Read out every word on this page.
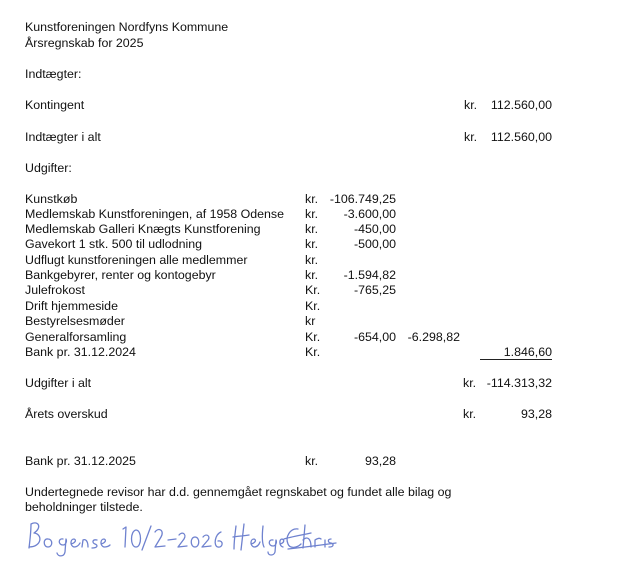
Kunstforeningen Nordfyns Kommune
Årsregnskab for 2025
Indtægter:
Kontingent	kr. 112.560,00
Indtægter i alt	kr. 112.560,00
Udgifter:
Kunstkøb	kr. -106.749,25
Medlemskab Kunstforeningen, af 1958 Odense kr. -3.600,00
Medlemskab Galleri Knægts Kunstforening	kr.	-450,00
Gavekort 1 stk. 500 til udlodning	kr.	-500,00
Udflugt kunstforeningen alle medlemmer	kr.
Bankgebyrer, renter og kontogebyr	kr. -1.594,82
Julefrokost	Kr.	-765,25
Drift hjemmeside	Kr.
Bestyrelsesmøder	kr
Generalforsamling	Kr.	-654,00 -6.298,82
Bank pr. 31.12.2024	Kr.	1.846,60
Udgifter i alt	kr. -114.313,32
Årets overskud	kr.	93,28
Bank pr. 31.12.2025	kr.	93,28
Undertegnede revisor har d.d. gennemgået regnskabet og fundet alle bilag og
beholdninger tilstede.
